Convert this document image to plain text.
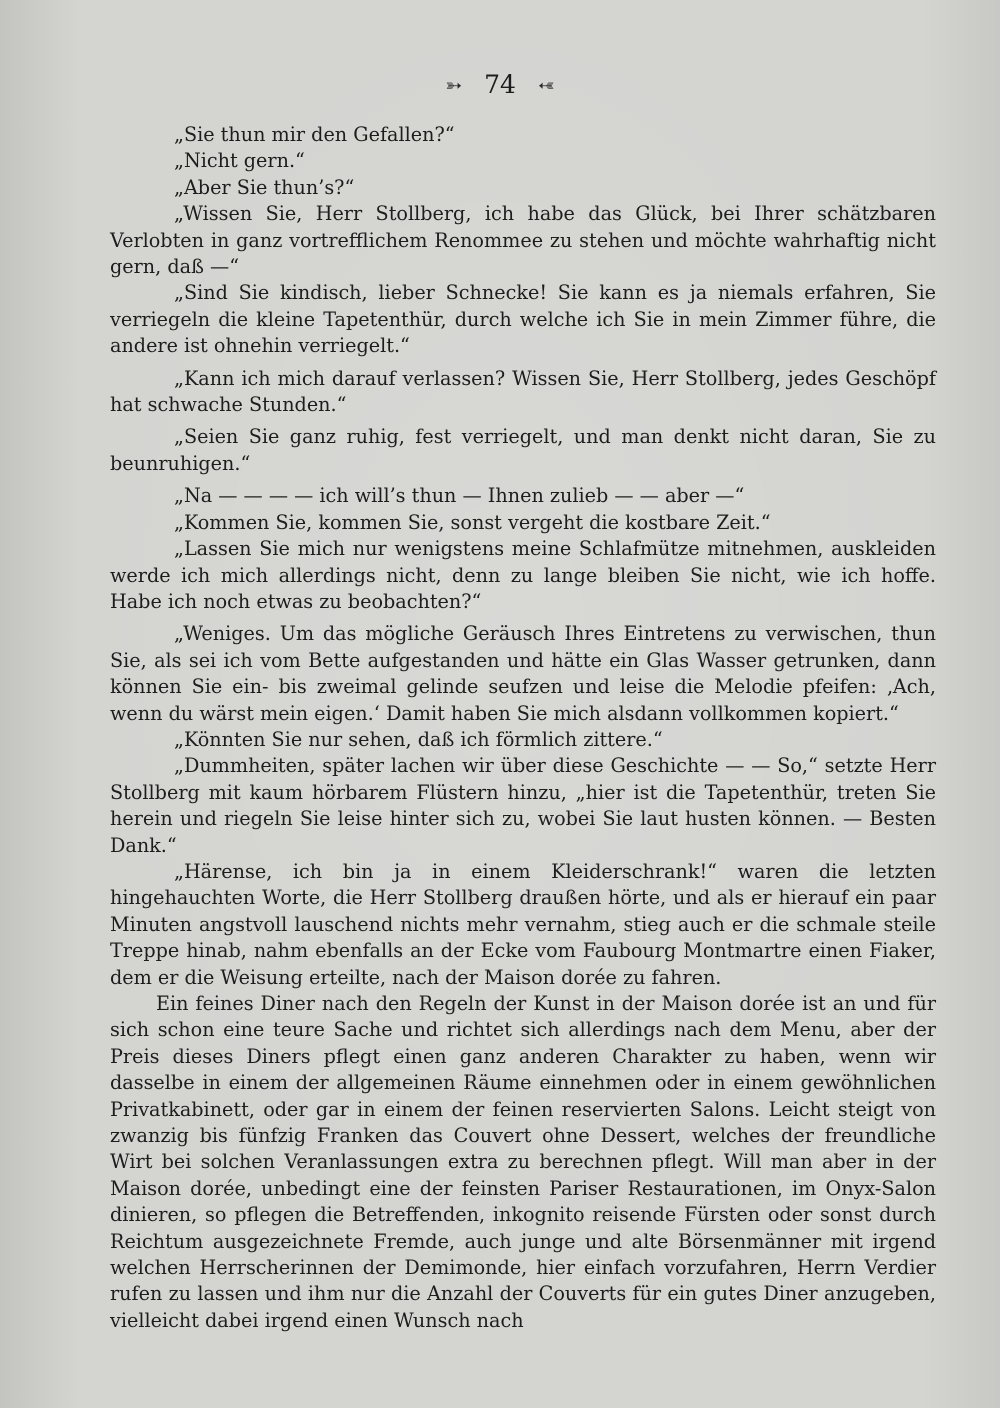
➳ 74 ➳

„Sie thun mir den Gefallen?“

„Nicht gern.“

„Aber Sie thun’s?“

„Wissen Sie, Herr Stollberg, ich habe das Glück, bei Ihrer schätzbaren Verlobten in ganz vortrefflichem Renommee zu stehen und möchte wahrhaftig nicht gern, daß —“

„Sind Sie kindisch, lieber Schnecke! Sie kann es ja niemals erfahren, Sie verriegeln die kleine Tapetenthür, durch welche ich Sie in mein Zimmer führe, die andere ist ohnehin verriegelt.“

„Kann ich mich darauf verlassen? Wissen Sie, Herr Stollberg, jedes Geschöpf hat schwache Stunden.“

„Seien Sie ganz ruhig, fest verriegelt, und man denkt nicht daran, Sie zu beunruhigen.“

„Na — — — — ich will’s thun — Ihnen zulieb — — aber —“

„Kommen Sie, kommen Sie, sonst vergeht die kostbare Zeit.“

„Lassen Sie mich nur wenigstens meine Schlafmütze mitnehmen, auskleiden werde ich mich allerdings nicht, denn zu lange bleiben Sie nicht, wie ich hoffe. Habe ich noch etwas zu beobachten?“

„Weniges. Um das mögliche Geräusch Ihres Eintretens zu verwischen, thun Sie, als sei ich vom Bette aufgestanden und hätte ein Glas Wasser getrunken, dann können Sie ein- bis zweimal gelinde seufzen und leise die Melodie pfeifen: ‚Ach, wenn du wärst mein eigen.‘ Damit haben Sie mich alsdann vollkommen kopiert.“

„Könnten Sie nur sehen, daß ich förmlich zittere.“

„Dummheiten, später lachen wir über diese Geschichte — — So,“ setzte Herr Stollberg mit kaum hörbarem Flüstern hinzu, „hier ist die Tapetenthür, treten Sie herein und riegeln Sie leise hinter sich zu, wobei Sie laut husten können. — Besten Dank.“

„Härense, ich bin ja in einem Kleiderschrank!“ waren die letzten hingehauchten Worte, die Herr Stollberg draußen hörte, und als er hierauf ein paar Minuten angstvoll lauschend nichts mehr vernahm, stieg auch er die schmale steile Treppe hinab, nahm ebenfalls an der Ecke vom Faubourg Montmartre einen Fiaker, dem er die Weisung erteilte, nach der Maison dorée zu fahren.

Ein feines Diner nach den Regeln der Kunst in der Maison dorée ist an und für sich schon eine teure Sache und richtet sich allerdings nach dem Menu, aber der Preis dieses Diners pflegt einen ganz anderen Charakter zu haben, wenn wir dasselbe in einem der allgemeinen Räume einnehmen oder in einem gewöhnlichen Privatkabinett, oder gar in einem der feinen reservierten Salons. Leicht steigt von zwanzig bis fünfzig Franken das Couvert ohne Dessert, welches der freundliche Wirt bei solchen Veranlassungen extra zu berechnen pflegt. Will man aber in der Maison dorée, unbedingt eine der feinsten Pariser Restaurationen, im Onyx-Salon dinieren, so pflegen die Betreffenden, inkognito reisende Fürsten oder sonst durch Reichtum ausgezeichnete Fremde, auch junge und alte Börsenmänner mit irgend welchen Herrscherinnen der Demimonde, hier einfach vorzufahren, Herrn Verdier rufen zu lassen und ihm nur die Anzahl der Couverts für ein gutes Diner anzugeben, vielleicht dabei irgend einen Wunsch nach
